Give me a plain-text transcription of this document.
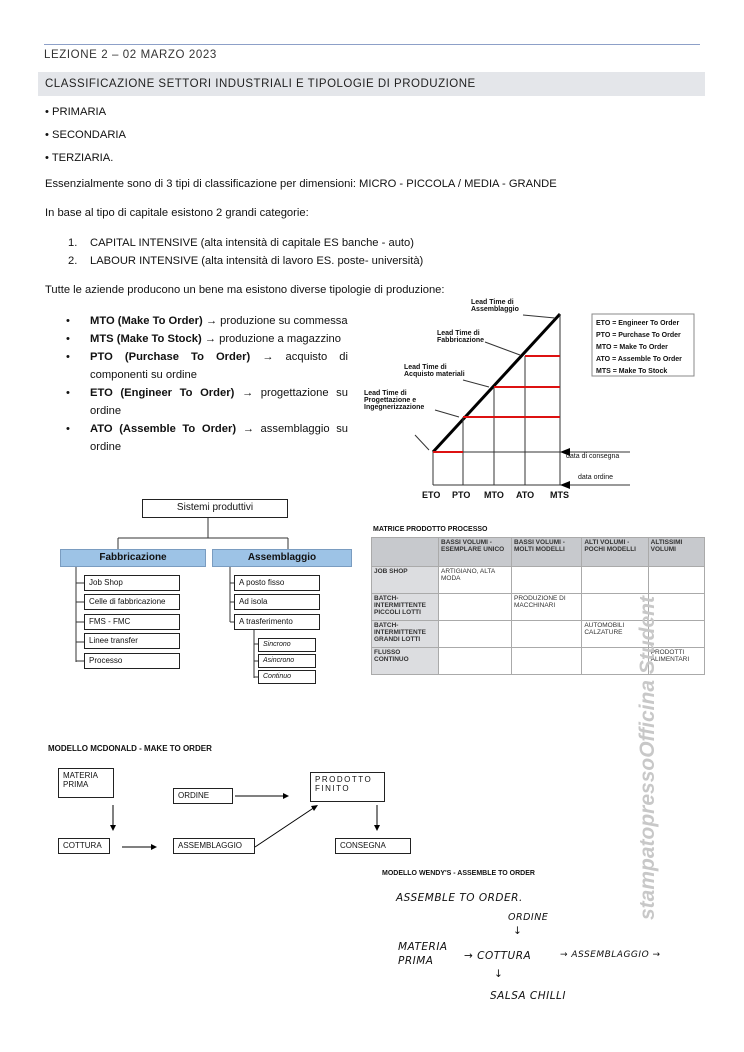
LEZIONE 2 – 02 MARZO 2023
CLASSIFICAZIONE SETTORI INDUSTRIALI E TIPOLOGIE DI PRODUZIONE
• PRIMARIA
• SECONDARIA
• TERZIARIA.
Essenzialmente sono di 3 tipi di classificazione per dimensioni: MICRO - PICCOLA / MEDIA - GRANDE
In base al tipo di capitale esistono 2 grandi categorie:
1. CAPITAL INTENSIVE (alta intensità di capitale ES banche - auto)
2. LABOUR INTENSIVE (alta intensità di lavoro ES. poste- università)
Tutte le aziende producono un bene ma esistono diverse tipologie di produzione:
•	MTO (Make To Order) → produzione su commessa
•	MTS (Make To Stock) → produzione a magazzino
•	PTO (Purchase To Order) → acquisto di componenti su ordine
•	ETO (Engineer To Order) → progettazione su ordine
•	ATO (Assemble To Order) → assemblaggio su ordine
Lead Time di Assemblaggio
Lead Time di Fabbricazione
Lead Time di Acquisto materiali
Lead Time di Progettazione e Ingegnerizzazione
ETO = Engineer To Order
PTO = Purchase To Order
MTO = Make To Order
ATO = Assemble To Order
MTS = Make To Stock
data di consegna
data ordine
ETO PTO MTO ATO MTS
Sistemi produttivi
Fabbricazione	Assemblaggio
Job Shop
Celle di fabbricazione
FMS - FMC
Linee transfer
Processo
A posto fisso
Ad isola
A trasferimento
Sincrono
Asincrono
Continuo
MATRICE PRODOTTO PROCESSO
	BASSI VOLUMI - ESEMPLARE UNICO	BASSI VOLUMI - MOLTI MODELLI	ALTI VOLUMI - POCHI MODELLI	ALTISSIMI VOLUMI
JOB SHOP	ARTIGIANO, ALTA MODA			
BATCH-INTERMITTENTE PICCOLI LOTTI		PRODUZIONE DI MACCHINARI		
BATCH-INTERMITTENTE GRANDI LOTTI			AUTOMOBILI CALZATURE	
FLUSSO CONTINUO				PRODOTTI ALIMENTARI
MODELLO MCDONALD - MAKE TO ORDER
MATERIA PRIMA
ORDINE
PRODOTTO FINITO
COTTURA	ASSEMBLAGGIO	CONSEGNA
MODELLO WENDY'S - ASSEMBLE TO ORDER
ASSEMBLE TO ORDER.
ORDINE
↓
MATERIA PRIMA	→ COTTURA	→ ASSEMBLAGGIO →
↓
SALSA CHILLI
stampatopressoOfficina Student
